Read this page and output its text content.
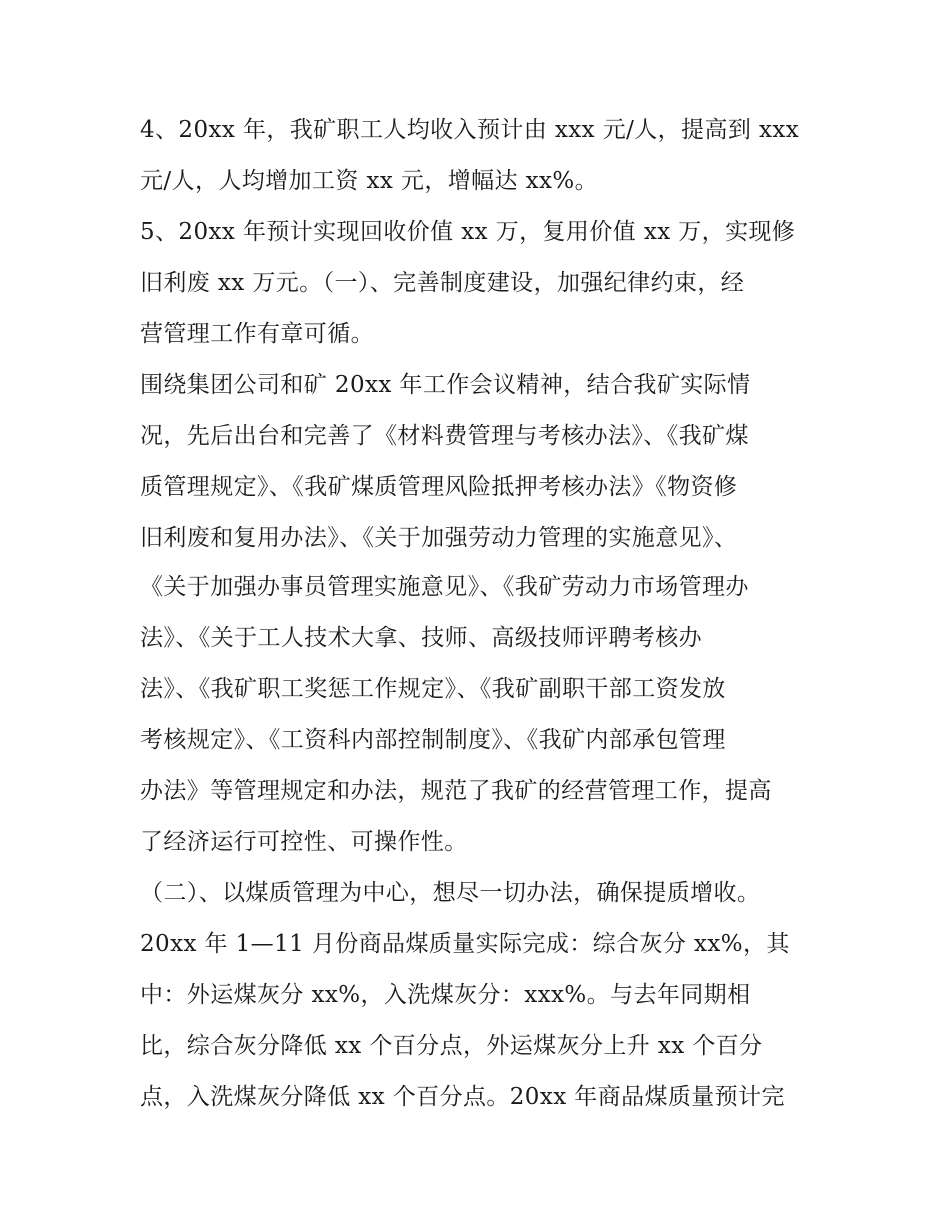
4、20xx 年，我矿职工人均收入预计由 xxx 元/人，提高到 xxx
元/人，人均增加工资 xx 元，增幅达 xx%。
5、20xx 年预计实现回收价值 xx 万，复用价值 xx 万，实现修
旧利废 xx 万元。（一）、完善制度建设，加强纪律约束，经
营管理工作有章可循。
围绕集团公司和矿 20xx 年工作会议精神，结合我矿实际情
况，先后出台和完善了《材料费管理与考核办法》、《我矿煤
质管理规定》、《我矿煤质管理风险抵押考核办法》《物资修
旧利废和复用办法》、《关于加强劳动力管理的实施意见》、
《关于加强办事员管理实施意见》、《我矿劳动力市场管理办
法》、《关于工人技术大拿、技师、高级技师评聘考核办
法》、《我矿职工奖惩工作规定》、《我矿副职干部工资发放
考核规定》、《工资科内部控制制度》、《我矿内部承包管理
办法》等管理规定和办法，规范了我矿的经营管理工作，提高
了经济运行可控性、可操作性。
（二）、以煤质管理为中心，想尽一切办法，确保提质增收。
20xx 年 1—11 月份商品煤质量实际完成：综合灰分 xx%，其
中：外运煤灰分 xx%，入洗煤灰分：xxx%。与去年同期相
比，综合灰分降低 xx 个百分点，外运煤灰分上升 xx 个百分
点，入洗煤灰分降低 xx 个百分点。20xx 年商品煤质量预计完
